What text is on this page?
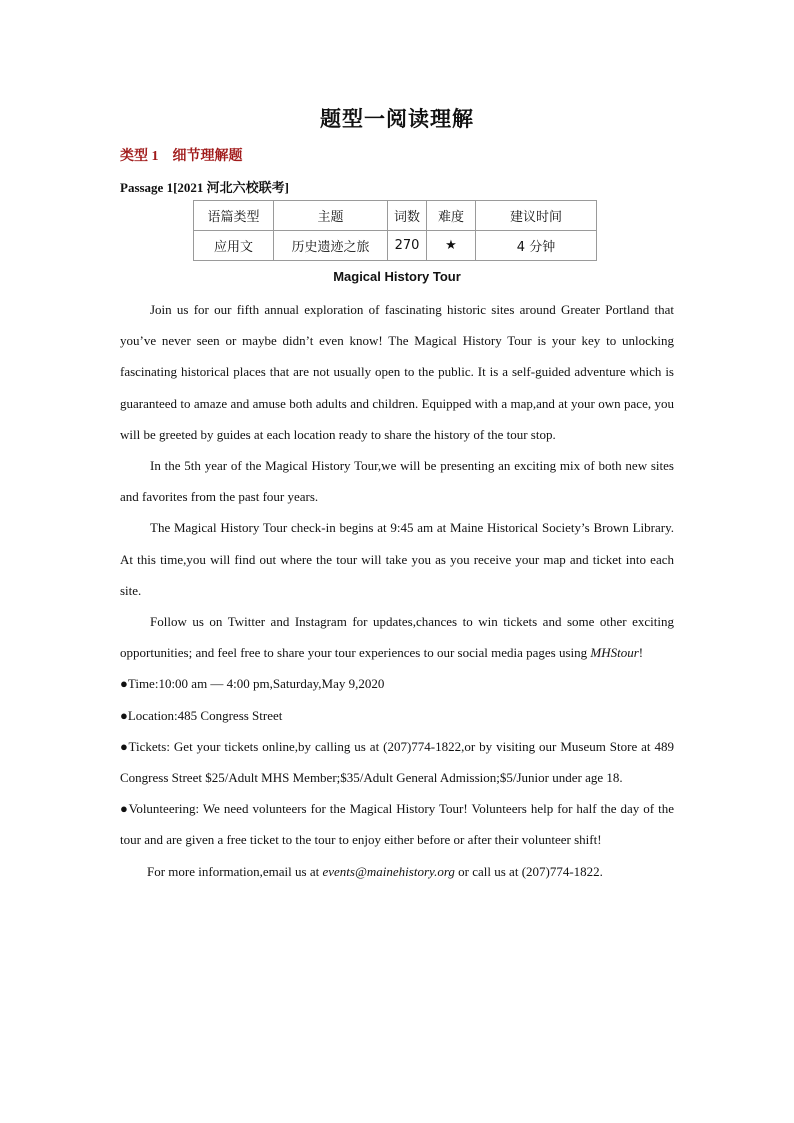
题型一阅读理解
类型 1 细节理解题
Passage 1[2021 河北六校联考]
语篇类型	主题	词数	难度	建议时间
应用文	历史遗迹之旅	270	★	4 分钟
Magical History Tour

Join us for our fifth annual exploration of fascinating historic sites around Greater Portland that you’ve never seen or maybe didn’t even know! The Magical History Tour is your key to unlocking fascinating historical places that are not usually open to the public. It is a self-guided adventure which is guaranteed to amaze and amuse both adults and children. Equipped with a map,and at your own pace, you will be greeted by guides at each location ready to share the history of the tour stop.

In the 5th year of the Magical History Tour,we will be presenting an exciting mix of both new sites and favorites from the past four years.

The Magical History Tour check-in begins at 9:45 am at Maine Historical Society’s Brown Library. At this time,you will find out where the tour will take you as you receive your map and ticket into each site.

Follow us on Twitter and Instagram for updates,chances to win tickets and some other exciting opportunities; and feel free to share your tour experiences to our social media pages using MHStour!

●Time:10:00 am — 4:00 pm,Saturday,May 9,2020

●Location:485 Congress Street

●Tickets: Get your tickets online,by calling us at (207)774-1822,or by visiting our Museum Store at 489 Congress Street $25/Adult MHS Member;$35/Adult General Admission;$5/Junior under age 18.

●Volunteering: We need volunteers for the Magical History Tour! Volunteers help for half the day of the tour and are given a free ticket to the tour to enjoy either before or after their volunteer shift!

For more information,email us at events@mainehistory.org or call us at (207)774-1822.
